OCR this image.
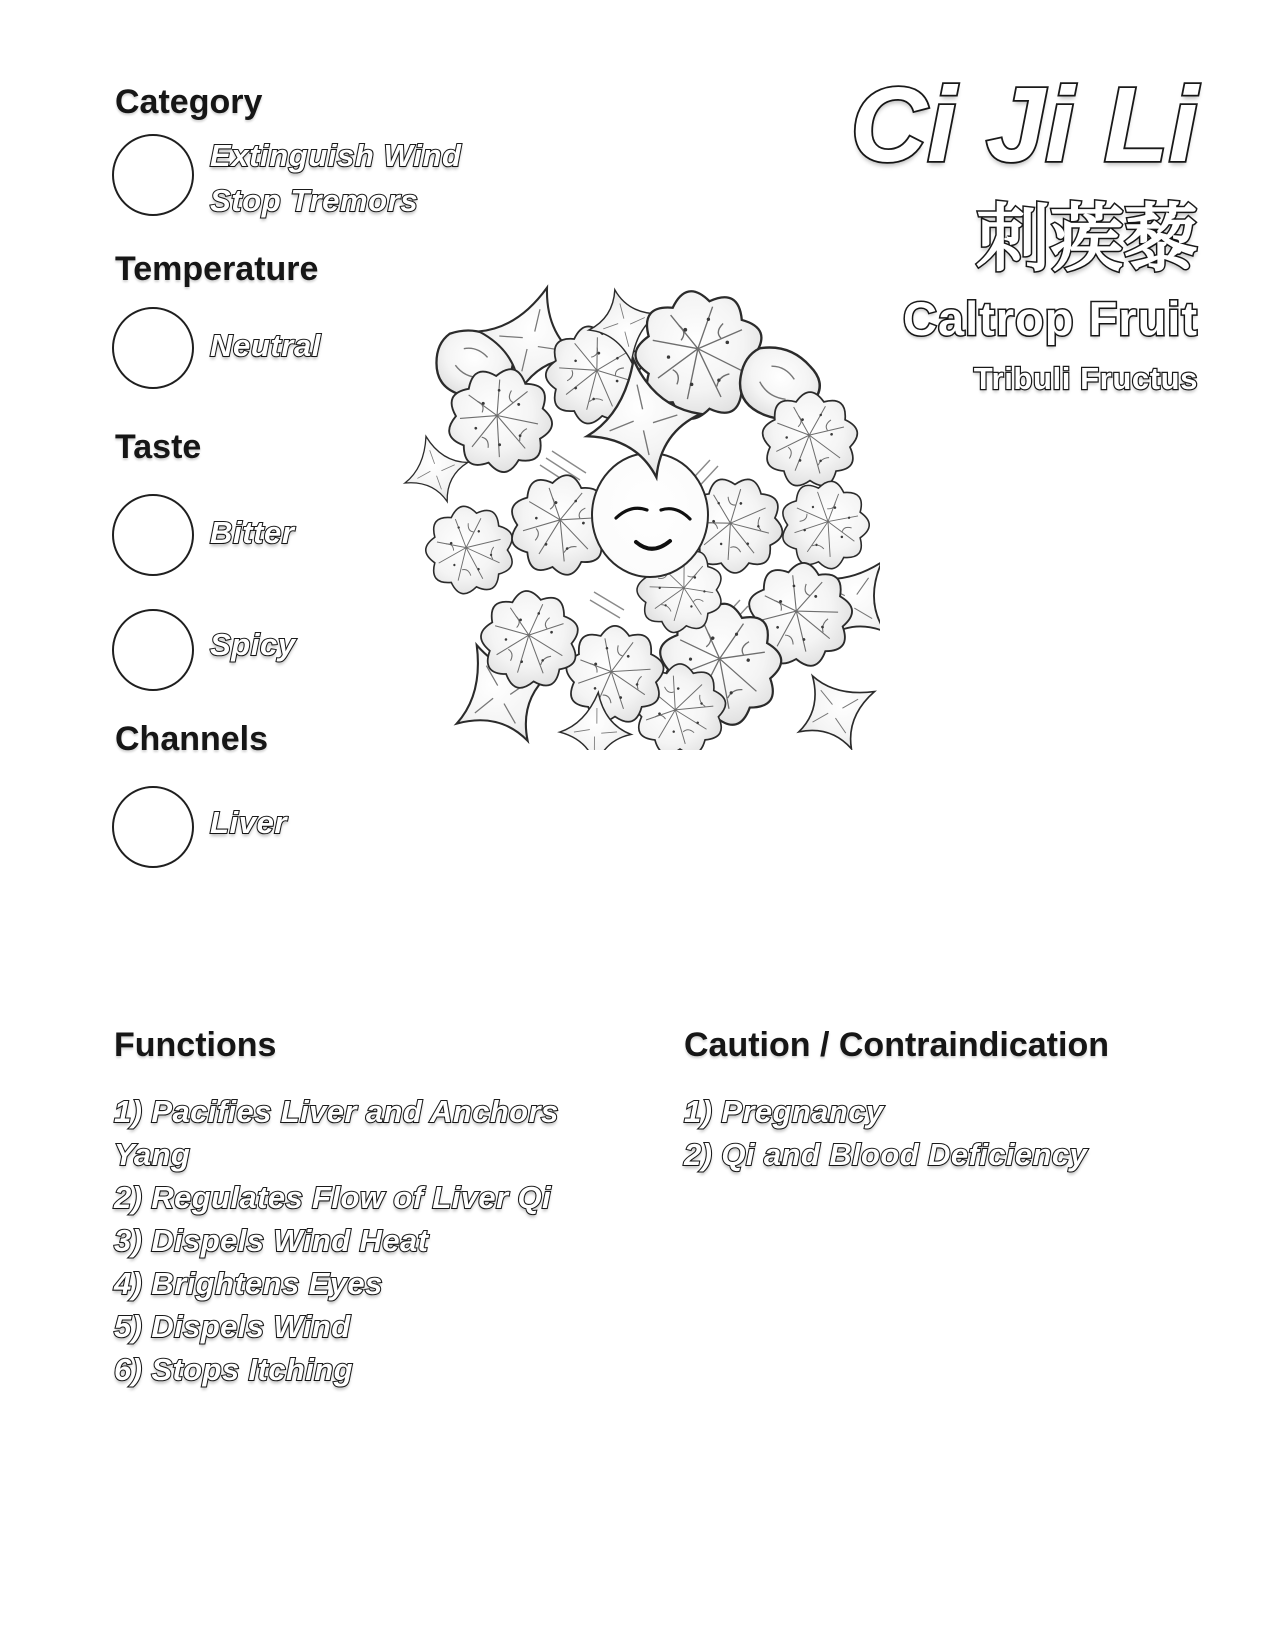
Category
Extinguish Wind
Stop Tremors
Temperature
Neutral
Taste
Bitter
Spicy
Channels
Liver
Ci Ji Li
刺蒺藜
Caltrop Fruit
Tribuli Fructus
Functions
1) Pacifies Liver and Anchors Yang
2) Regulates Flow of Liver Qi
3) Dispels Wind Heat
4) Brightens Eyes
5) Dispels Wind
6) Stops Itching
Caution / Contraindication
1) Pregnancy
2) Qi and Blood Deficiency
